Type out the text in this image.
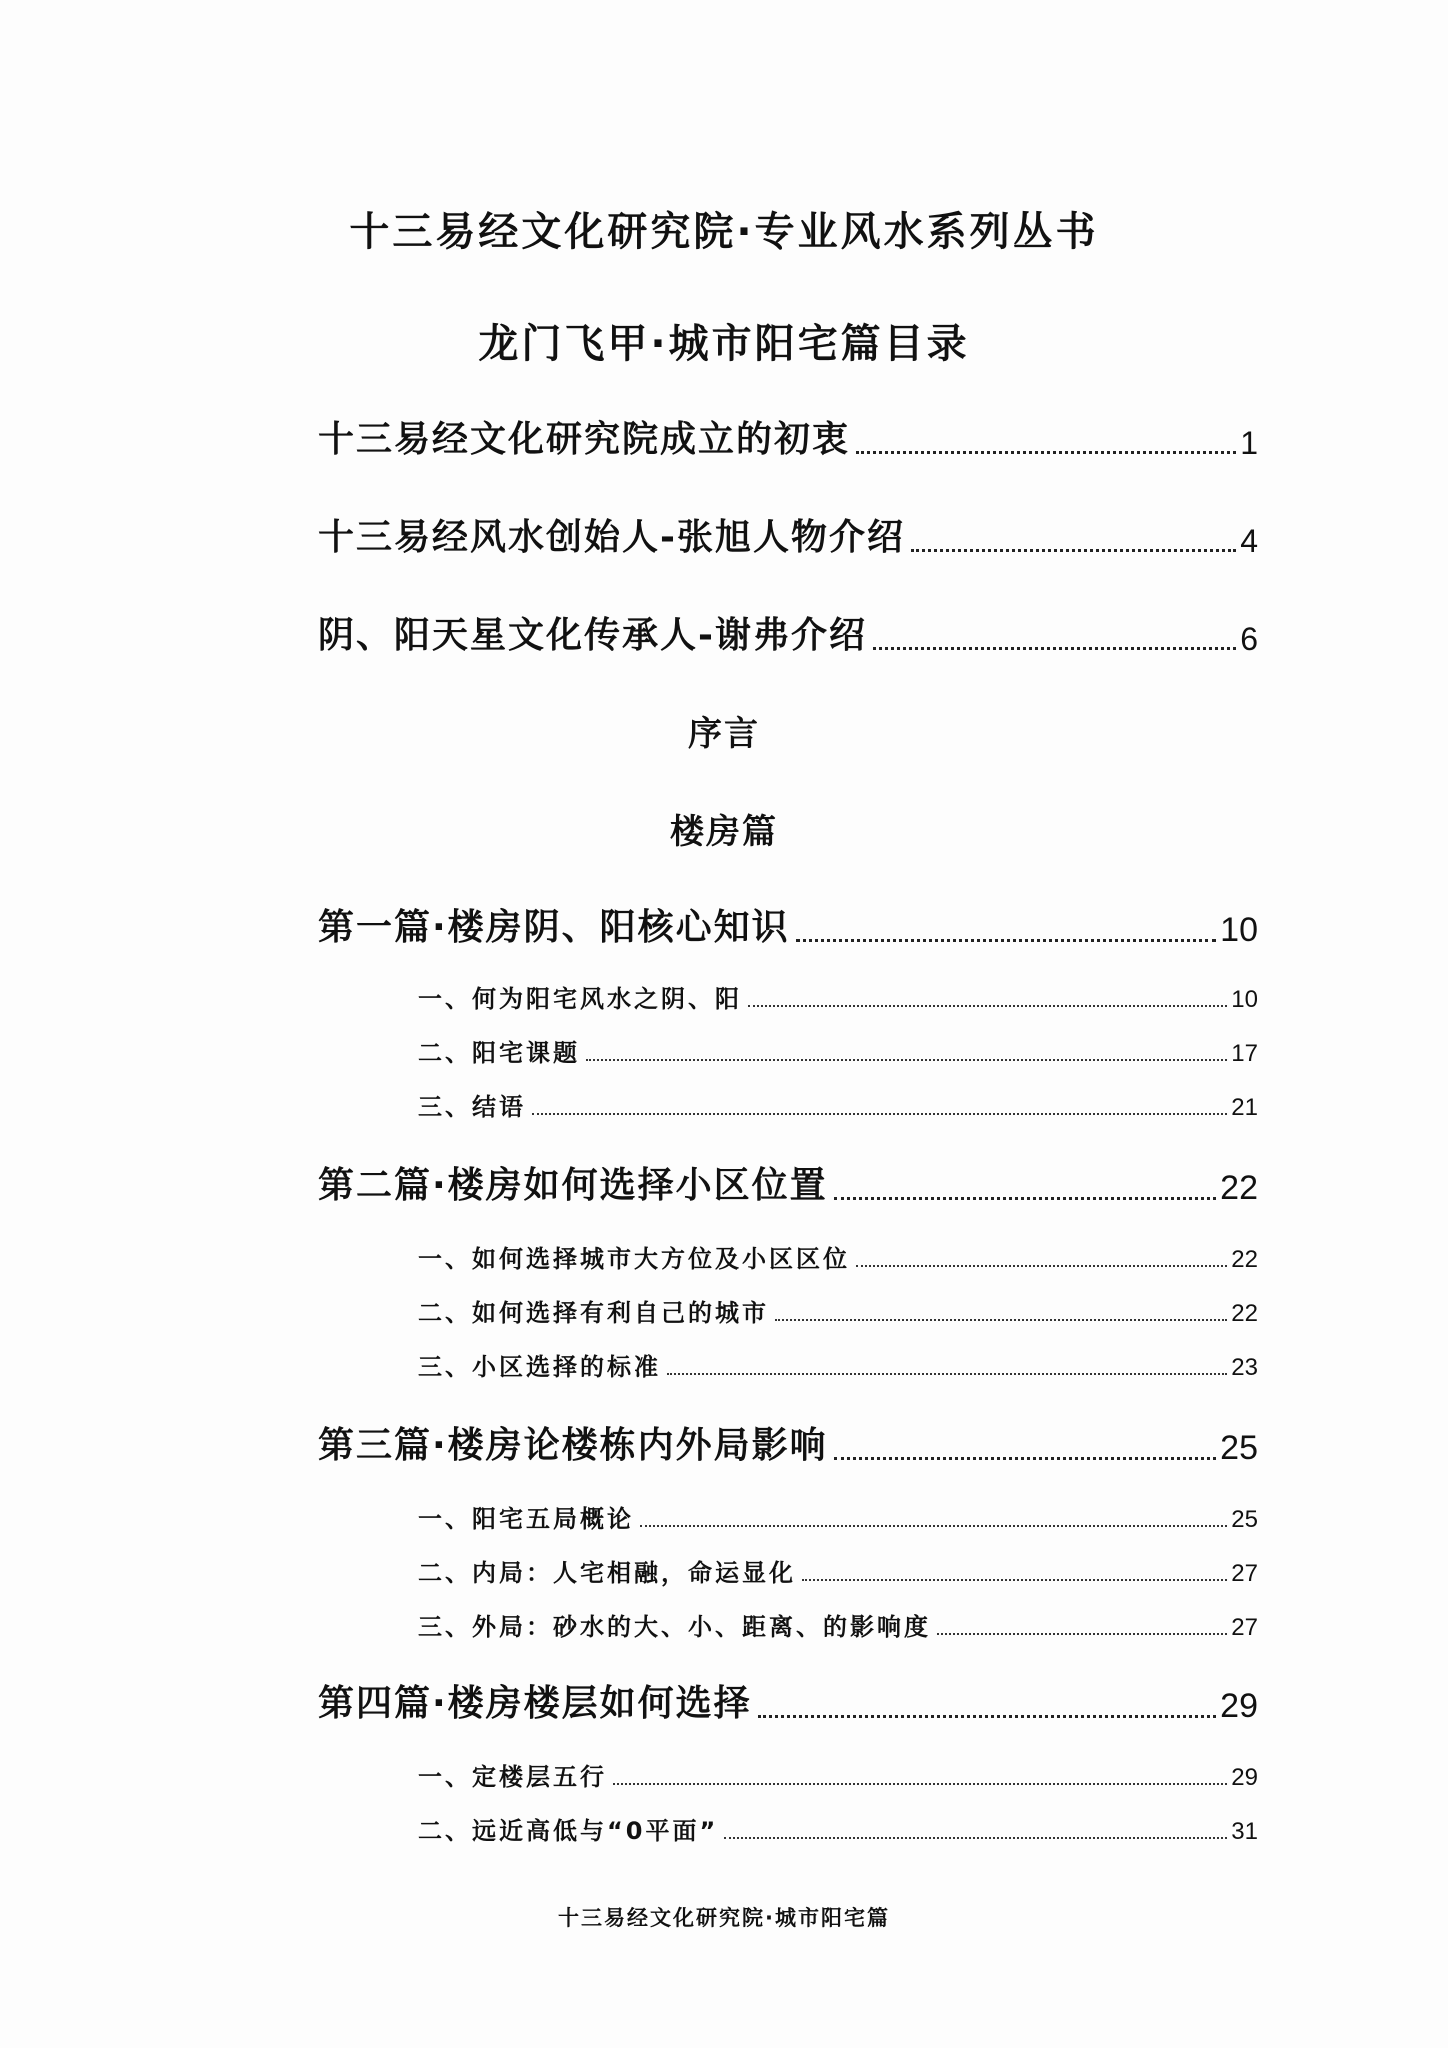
十三易经文化研究院·专业风水系列丛书
龙门飞甲·城市阳宅篇目录
十三易经文化研究院成立的初衷	1
十三易经风水创始人-张旭人物介绍	4
阴、阳天星文化传承人-谢弗介绍	6
序言
楼房篇
第一篇·楼房阴、阳核心知识	10
一、何为阳宅风水之阴、阳	10
二、阳宅课题	17
三、结语	21
第二篇·楼房如何选择小区位置	22
一、如何选择城市大方位及小区区位	22
二、如何选择有利自己的城市	22
三、小区选择的标准	23
第三篇·楼房论楼栋内外局影响	25
一、阳宅五局概论	25
二、内局：人宅相融，命运显化	27
三、外局：砂水的大、小、距离、的影响度	27
第四篇·楼房楼层如何选择	29
一、定楼层五行	29
二、远近高低与“0平面”	31
十三易经文化研究院·城市阳宅篇
